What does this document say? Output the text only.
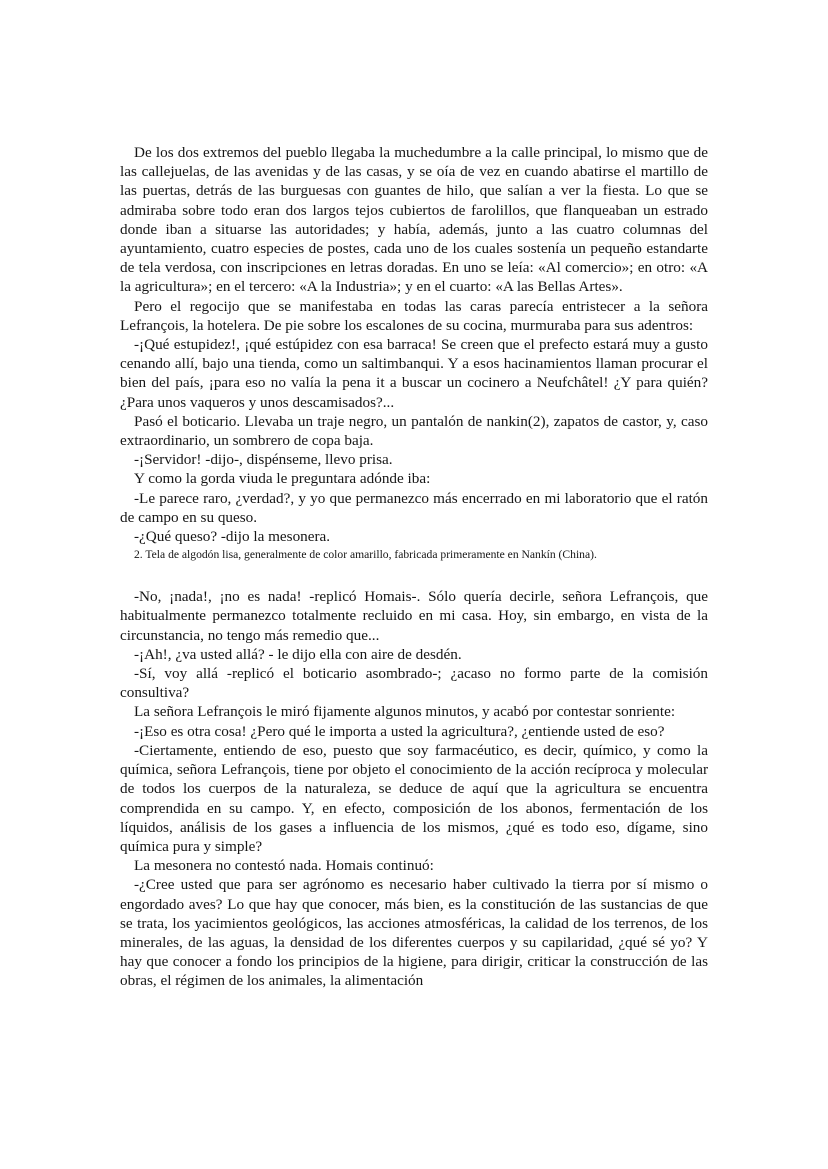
De los dos extremos del pueblo llegaba la muchedumbre a la calle principal, lo mismo que de las callejuelas, de las avenidas y de las casas, y se oía de vez en cuando abatirse el martillo de las puertas, detrás de las burguesas con guantes de hilo, que salían a ver la fiesta. Lo que se admiraba sobre todo eran dos largos tejos cubiertos de farolillos, que flanqueaban un estrado donde iban a situarse las autoridades; y había, además, junto a las cuatro columnas del ayuntamiento, cuatro especies de postes, cada uno de los cuales sostenía un pequeño estandarte de tela verdosa, con inscripciones en letras doradas. En uno se leía: «Al comercio»; en otro: «A la agricultura»; en el tercero: «A la Industria»; y en el cuarto: «A las Bellas Artes».

Pero el regocijo que se manifestaba en todas las caras parecía entristecer a la señora Lefrançois, la hotelera. De pie sobre los escalones de su cocina, murmuraba para sus adentros:

-¡Qué estupidez!, ¡qué estúpidez con esa barraca! Se creen que el prefecto estará muy a gusto cenando allí, bajo una tienda, como un saltimbanqui. Y a esos hacinamientos llaman procurar el bien del país, ¡para eso no valía la pena it a buscar un cocinero a Neufchâtel! ¿Y para quién? ¿Para unos vaqueros y unos descamisados?...

Pasó el boticario. Llevaba un traje negro, un pantalón de nankin(2), zapatos de castor, y, caso extraordinario, un sombrero de copa baja.

-¡Servidor! -dijo-, dispénseme, llevo prisa.

Y como la gorda viuda le preguntara adónde iba:

-Le parece raro, ¿verdad?, y yo que permanezco más encerrado en mi laboratorio que el ratón de campo en su queso.

-¿Qué queso? -dijo la mesonera.

2. Tela de algodón lisa, generalmente de color amarillo, fabricada primeramente en Nankín (China).

-No, ¡nada!, ¡no es nada! -replicó Homais-. Sólo quería decirle, señora Lefrançois, que habitualmente permanezco totalmente recluido en mi casa. Hoy, sin embargo, en vista de la circunstancia, no tengo más remedio que...

-¡Ah!, ¿va usted allá? - le dijo ella con aire de desdén.

-Sí, voy allá -replicó el boticario asombrado-; ¿acaso no formo parte de la comisión consultiva?

La señora Lefrançois le miró fijamente algunos minutos, y acabó por contestar sonriente:

-¡Eso es otra cosa! ¿Pero qué le importa a usted la agricultura?, ¿entiende usted de eso?

-Ciertamente, entiendo de eso, puesto que soy farmacéutico, es decir, químico, y como la química, señora Lefrançois, tiene por objeto el conocimiento de la acción recíproca y molecular de todos los cuerpos de la naturaleza, se deduce de aquí que la agricultura se encuentra comprendida en su campo. Y, en efecto, composición de los abonos, fermentación de los líquidos, análisis de los gases a influencia de los mismos, ¿qué es todo eso, dígame, sino química pura y simple?

La mesonera no contestó nada. Homais continuó:

-¿Cree usted que para ser agrónomo es necesario haber cultivado la tierra por sí mismo o engordado aves? Lo que hay que conocer, más bien, es la constitución de las sustancias de que se trata, los yacimientos geológicos, las acciones atmosféricas, la calidad de los terrenos, de los minerales, de las aguas, la densidad de los diferentes cuerpos y su capilaridad, ¿qué sé yo? Y hay que conocer a fondo los principios de la higiene, para dirigir, criticar la construcción de las obras, el régimen de los animales, la alimentación
